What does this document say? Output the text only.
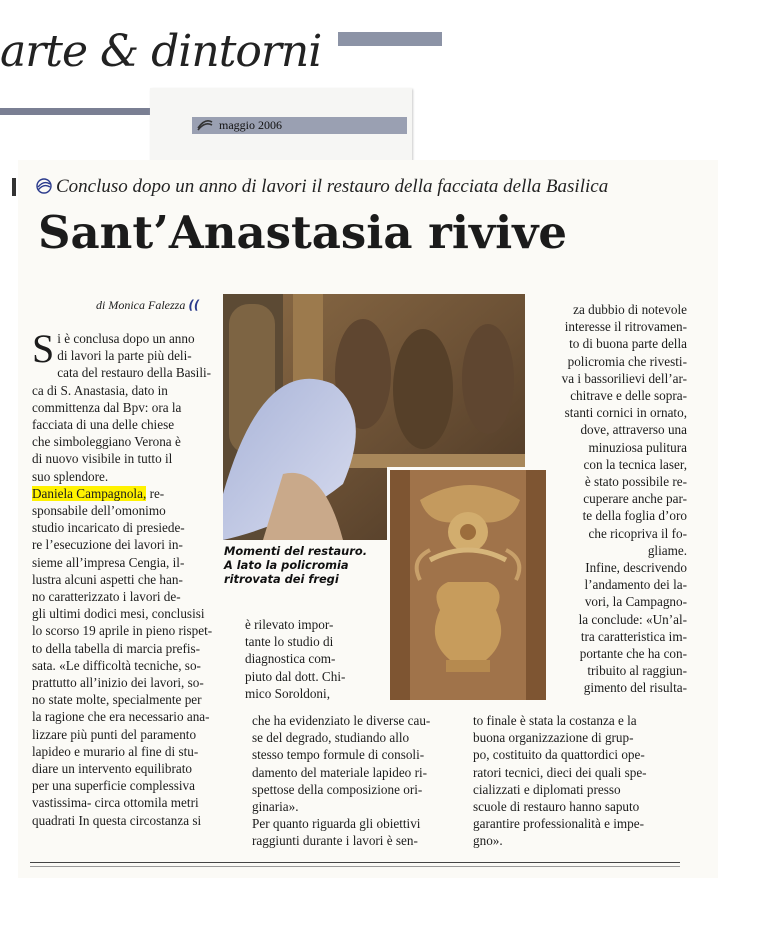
arte & dintorni
maggio 2006
Concluso dopo un anno di lavori il restauro della facciata della Basilica
Sant’Anastasia rivive
di Monica Falezza ((
S i è conclusa dopo un anno
di lavori la parte più deli-
cata del restauro della Basili-
ca di S. Anastasia, dato in
committenza dal Bpv: ora la
facciata di una delle chiese
che simboleggiano Verona è
di nuovo visibile in tutto il
suo splendore.
Daniela Campagnola, re-
sponsabile dell’omonimo
studio incaricato di presiede-
re l’esecuzione dei lavori in-
sieme all’impresa Cengia, il-
lustra alcuni aspetti che han-
no caratterizzato i lavori de-
gli ultimi dodici mesi, conclusisi
lo scorso 19 aprile in pieno rispet-
to della tabella di marcia prefis-
sata. «Le difficoltà tecniche, so-
prattutto all’inizio dei lavori, so-
no state molte, specialmente per
la ragione che era necessario ana-
lizzare più punti del paramento
lapideo e murario al fine di stu-
diare un intervento equilibrato
per una superficie complessiva
vastissima- circa ottomila metri
quadrati In questa circostanza si
Momenti del restauro.
A lato la policromia
ritrovata dei fregi
è rilevato impor-
tante lo studio di
diagnostica com-
piuto dal dott. Chi-
mico Soroldoni,
che ha evidenziato le diverse cau-
se del degrado, studiando allo
stesso tempo formule di consoli-
damento del materiale lapideo ri-
spettose della composizione ori-
ginaria».
Per quanto riguarda gli obiettivi
raggiunti durante i lavori è sen-
za dubbio di notevole
interesse il ritrovamen-
to di buona parte della
policromia che rivesti-
va i bassorilievi dell’ar-
chitrave e delle sopra-
stanti cornici in ornato,
dove, attraverso una
minuziosa pulitura
con la tecnica laser,
è stato possibile re-
cuperare anche par-
te della foglia d’oro
che ricopriva il fo-
gliame.
Infine, descrivendo
l’andamento dei la-
vori, la Campagno-
la conclude: «Un’al-
tra caratteristica im-
portante che ha con-
tribuito al raggiun-
gimento del risulta-
to finale è stata la costanza e la
buona organizzazione di grup-
po, costituito da quattordici ope-
ratori tecnici, dieci dei quali spe-
cializzati e diplomati presso
scuole di restauro hanno saputo
garantire professionalità e impe-
gno».
